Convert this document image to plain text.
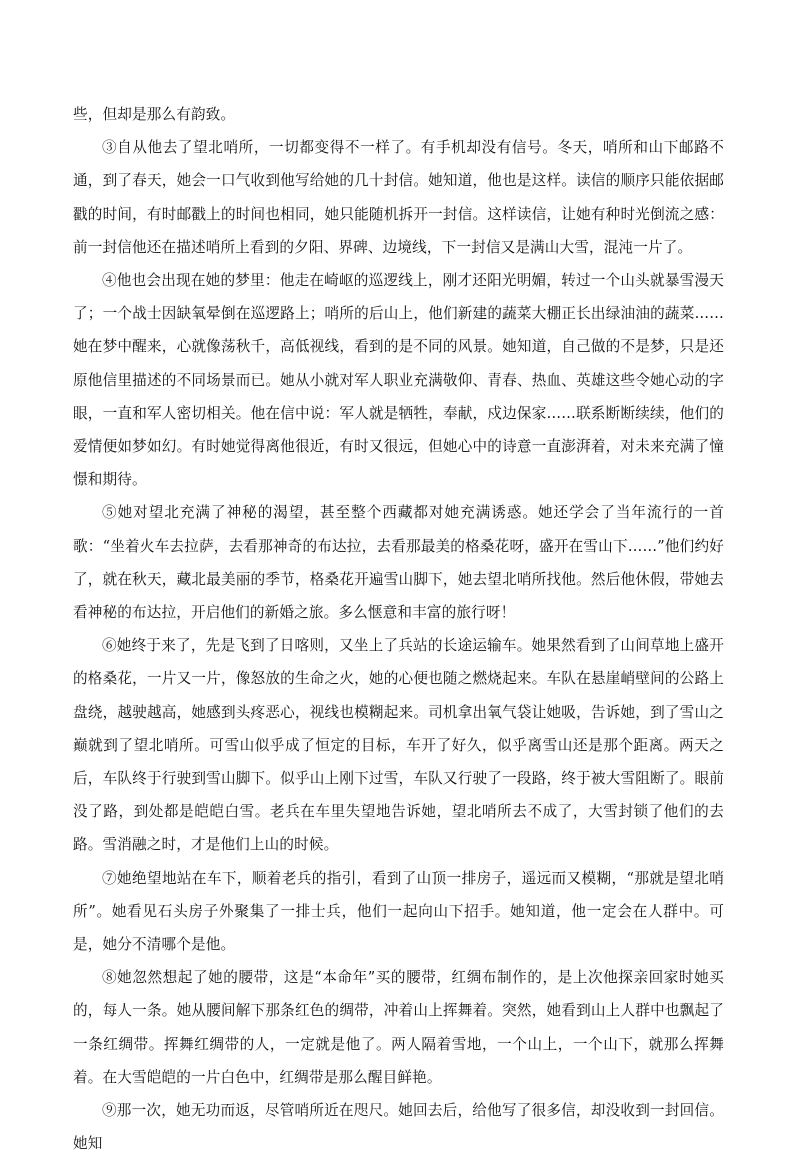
些，但却是那么有韵致。

③自从他去了望北哨所，一切都变得不一样了。有手机却没有信号。冬天，哨所和山下邮路不通，到了春天，她会一口气收到他写给她的几十封信。她知道，他也是这样。读信的顺序只能依据邮戳的时间，有时邮戳上的时间也相同，她只能随机拆开一封信。这样读信，让她有种时光倒流之感：前一封信他还在描述哨所上看到的夕阳、界碑、边境线，下一封信又是满山大雪，混沌一片了。

④他也会出现在她的梦里：他走在崎岖的巡逻线上，刚才还阳光明媚，转过一个山头就暴雪漫天了；一个战士因缺氧晕倒在巡逻路上；哨所的后山上，他们新建的蔬菜大棚正长出绿油油的蔬菜……她在梦中醒来，心就像荡秋千，高低视线，看到的是不同的风景。她知道，自己做的不是梦，只是还原他信里描述的不同场景而已。她从小就对军人职业充满敬仰、青春、热血、英雄这些令她心动的字眼，一直和军人密切相关。他在信中说：军人就是牺牲，奉献，戍边保家……联系断断续续，他们的爱情便如梦如幻。有时她觉得离他很近，有时又很远，但她心中的诗意一直澎湃着，对未来充满了憧憬和期待。

⑤她对望北充满了神秘的渴望，甚至整个西藏都对她充满诱惑。她还学会了当年流行的一首歌：“坐着火车去拉萨，去看那神奇的布达拉，去看那最美的格桑花呀，盛开在雪山下……”他们约好了，就在秋天，藏北最美丽的季节，格桑花开遍雪山脚下，她去望北哨所找他。然后他休假，带她去看神秘的布达拉，开启他们的新婚之旅。多么惬意和丰富的旅行呀！

⑥她终于来了，先是飞到了日喀则，又坐上了兵站的长途运输车。她果然看到了山间草地上盛开的格桑花，一片又一片，像怒放的生命之火，她的心便也随之燃烧起来。车队在悬崖峭壁间的公路上盘绕，越驶越高，她感到头疼恶心，视线也模糊起来。司机拿出氧气袋让她吸，告诉她，到了雪山之巅就到了望北哨所。可雪山似乎成了恒定的目标，车开了好久，似乎离雪山还是那个距离。两天之后，车队终于行驶到雪山脚下。似乎山上刚下过雪，车队又行驶了一段路，终于被大雪阻断了。眼前没了路，到处都是皑皑白雪。老兵在车里失望地告诉她，望北哨所去不成了，大雪封锁了他们的去路。雪消融之时，才是他们上山的时候。

⑦她绝望地站在车下，顺着老兵的指引，看到了山顶一排房子，遥远而又模糊，“那就是望北哨所”。她看见石头房子外聚集了一排士兵，他们一起向山下招手。她知道，他一定会在人群中。可是，她分不清哪个是他。

⑧她忽然想起了她的腰带，这是“本命年”买的腰带，红绸布制作的，是上次他探亲回家时她买的，每人一条。她从腰间解下那条红色的绸带，冲着山上挥舞着。突然，她看到山上人群中也飘起了一条红绸带。挥舞红绸带的人，一定就是他了。两人隔着雪地，一个山上，一个山下，就那么挥舞着。在大雪皑皑的一片白色中，红绸带是那么醒目鲜艳。

⑨那一次，她无功而返，尽管哨所近在咫尺。她回去后，给他写了很多信，却没收到一封回信。她知
